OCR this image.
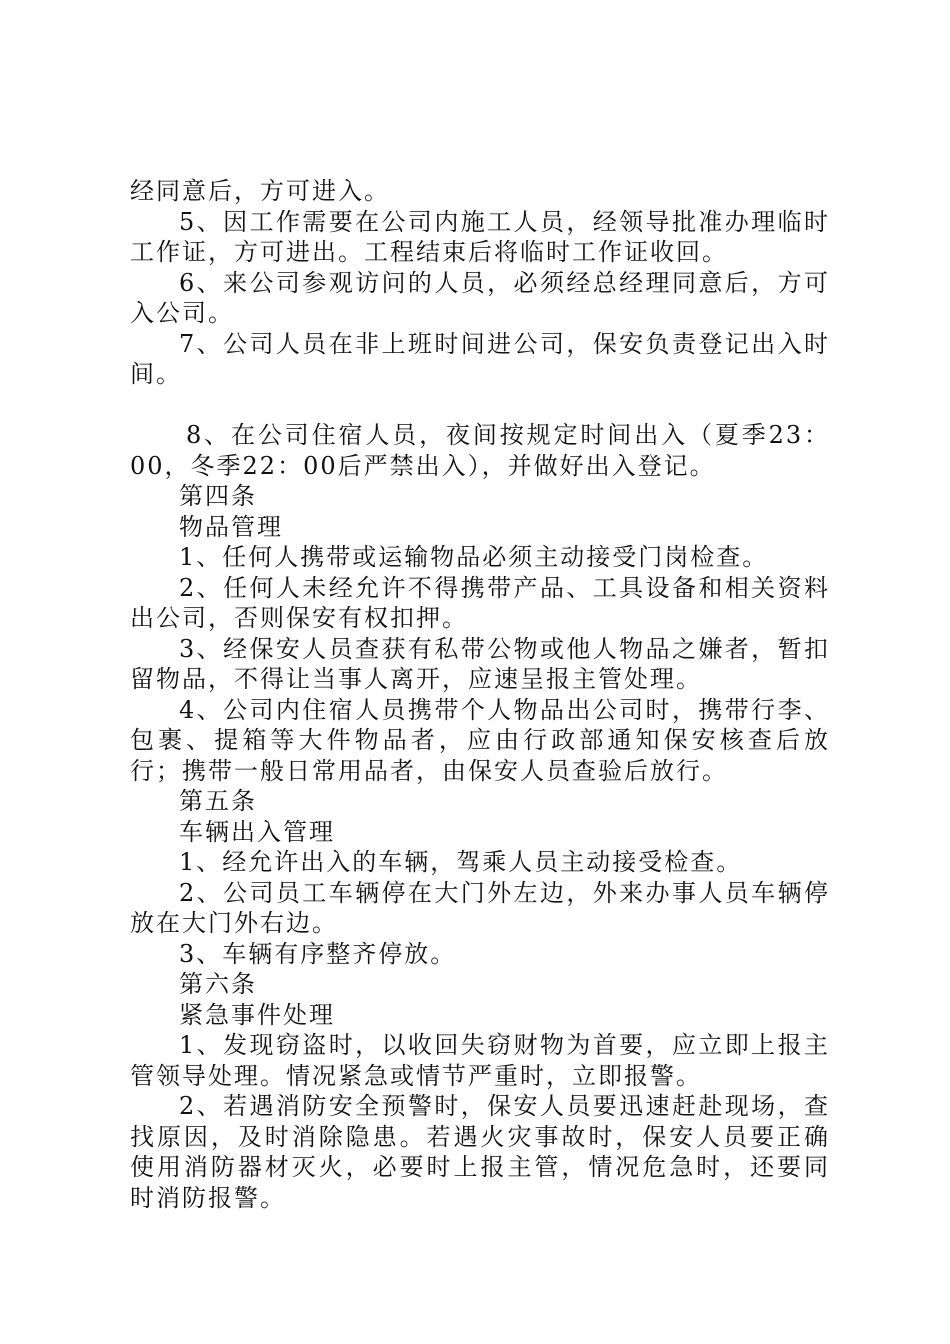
经同意后，方可进入。

5、因工作需要在公司内施工人员，经领导批准办理临时工作证，方可进出。工程结束后将临时工作证收回。

6、来公司参观访问的人员，必须经总经理同意后，方可入公司。

7、公司人员在非上班时间进公司，保安负责登记出入时间。

8、在公司住宿人员，夜间按规定时间出入（夏季23：00，冬季22：00后严禁出入），并做好出入登记。

第四条

物品管理

1、任何人携带或运输物品必须主动接受门岗检查。

2、任何人未经允许不得携带产品、工具设备和相关资料出公司，否则保安有权扣押。

3、经保安人员查获有私带公物或他人物品之嫌者，暂扣留物品，不得让当事人离开，应速呈报主管处理。

4、公司内住宿人员携带个人物品出公司时，携带行李、包裹、提箱等大件物品者，应由行政部通知保安核查后放行；携带一般日常用品者，由保安人员查验后放行。

第五条

车辆出入管理

1、经允许出入的车辆，驾乘人员主动接受检查。

2、公司员工车辆停在大门外左边，外来办事人员车辆停放在大门外右边。

3、车辆有序整齐停放。

第六条

紧急事件处理

1、发现窃盗时，以收回失窃财物为首要，应立即上报主管领导处理。情况紧急或情节严重时，立即报警。

2、若遇消防安全预警时，保安人员要迅速赶赴现场，查找原因，及时消除隐患。若遇火灾事故时，保安人员要正确使用消防器材灭火，必要时上报主管，情况危急时，还要同时消防报警。
